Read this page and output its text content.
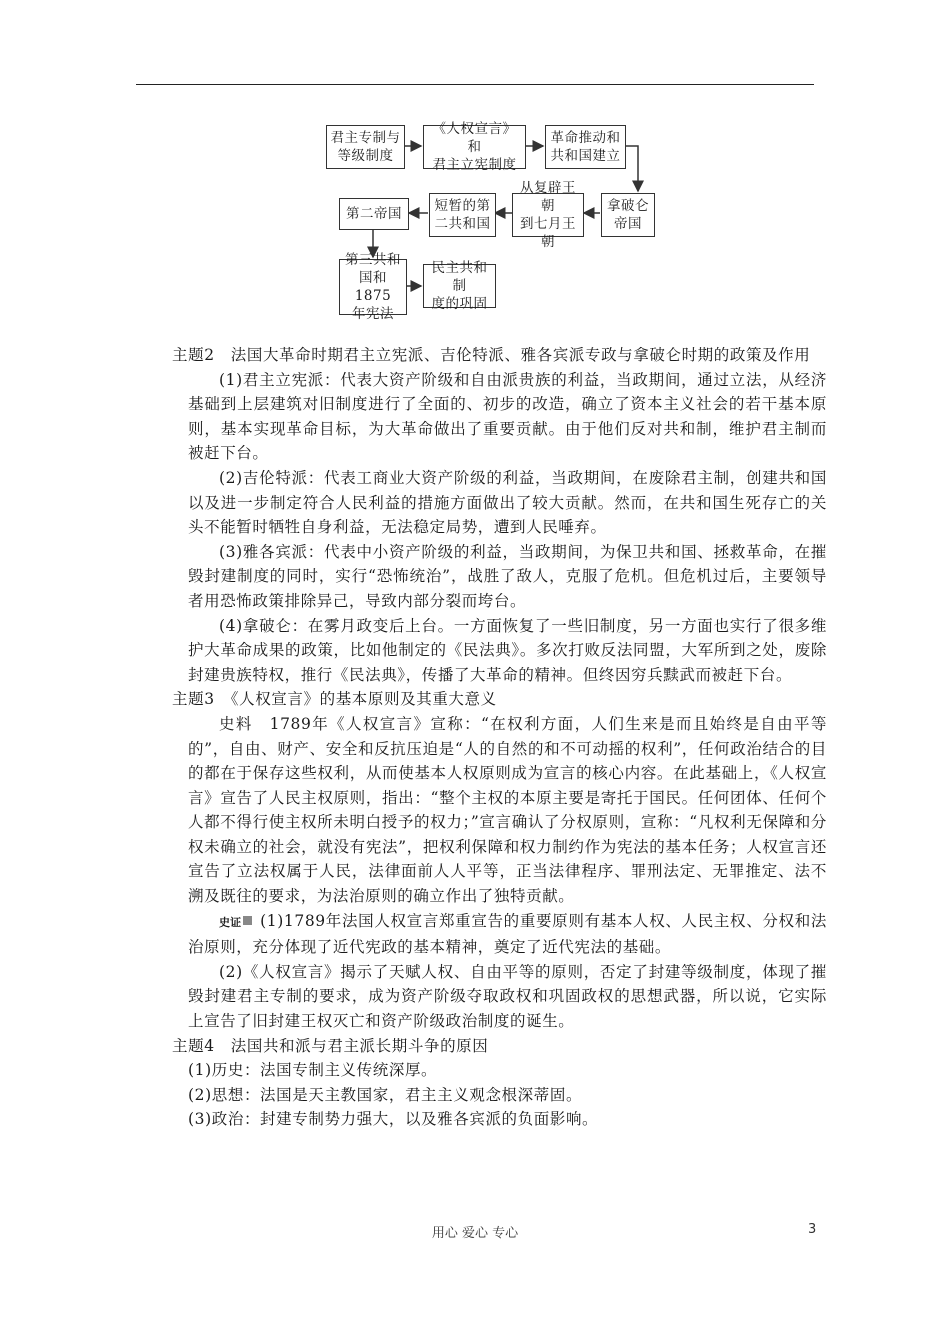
君主专制与
等级制度
《人权宣言》和
君主立宪制度
革命推动和
共和国建立
拿破仑
帝国
从复辟王朝
到七月王朝
短暂的第
二共和国
第二帝国
第三共和
国和1875
年宪法
民主共和制
度的巩固

主题2　法国大革命时期君主立宪派、吉伦特派、雅各宾派专政与拿破仑时期的政策及作用

(1)君主立宪派：代表大资产阶级和自由派贵族的利益，当政期间，通过立法，从经济基础到上层建筑对旧制度进行了全面的、初步的改造，确立了资本主义社会的若干基本原则，基本实现革命目标，为大革命做出了重要贡献。由于他们反对共和制，维护君主制而被赶下台。

(2)吉伦特派：代表工商业大资产阶级的利益，当政期间，在废除君主制，创建共和国以及进一步制定符合人民利益的措施方面做出了较大贡献。然而，在共和国生死存亡的关头不能暂时牺牲自身利益，无法稳定局势，遭到人民唾弃。

(3)雅各宾派：代表中小资产阶级的利益，当政期间，为保卫共和国、拯救革命，在摧毁封建制度的同时，实行“恐怖统治”，战胜了敌人，克服了危机。但危机过后，主要领导者用恐怖政策排除异己，导致内部分裂而垮台。

(4)拿破仑：在雾月政变后上台。一方面恢复了一些旧制度，另一方面也实行了很多维护大革命成果的政策，比如他制定的《民法典》。多次打败反法同盟，大军所到之处，废除封建贵族特权，推行《民法典》，传播了大革命的精神。但终因穷兵黩武而被赶下台。

主题3　《人权宣言》的基本原则及其重大意义

史料　1789年《人权宣言》宣称：“在权利方面，人们生来是而且始终是自由平等的”，自由、财产、安全和反抗压迫是“人的自然的和不可动摇的权利”，任何政治结合的目的都在于保存这些权利，从而使基本人权原则成为宣言的核心内容。在此基础上，《人权宣言》宣告了人民主权原则，指出：“整个主权的本原主要是寄托于国民。任何团体、任何个人都不得行使主权所未明白授予的权力；”宣言确认了分权原则，宣称：“凡权利无保障和分权未确立的社会，就没有宪法”，把权利保障和权力制约作为宪法的基本任务；人权宣言还宣告了立法权属于人民，法律面前人人平等，正当法律程序、罪刑法定、无罪推定、法不溯及既往的要求，为法治原则的确立作出了独特贡献。

史证 (1)1789年法国人权宣言郑重宣告的重要原则有基本人权、人民主权、分权和法治原则，充分体现了近代宪政的基本精神，奠定了近代宪法的基础。

(2)《人权宣言》揭示了天赋人权、自由平等的原则，否定了封建等级制度，体现了摧毁封建君主专制的要求，成为资产阶级夺取政权和巩固政权的思想武器，所以说，它实际上宣告了旧封建王权灭亡和资产阶级政治制度的诞生。

主题4　法国共和派与君主派长期斗争的原因

(1)历史：法国专制主义传统深厚。

(2)思想：法国是天主教国家，君主主义观念根深蒂固。

(3)政治：封建专制势力强大，以及雅各宾派的负面影响。

用心 爱心 专心	3
